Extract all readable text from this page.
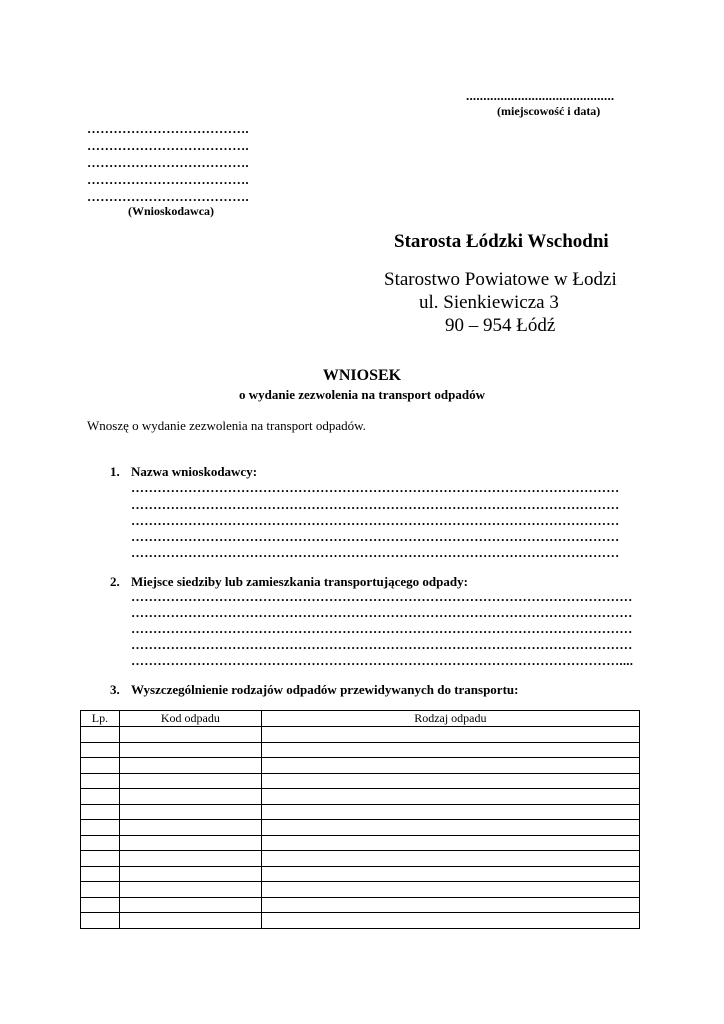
...........................................
(miejscowość i data)
……………………………….
……………………………….
……………………………….
……………………………….
……………………………….
(Wnioskodawca)
Starosta Łódzki Wschodni
Starostwo Powiatowe w Łodzi
ul. Sienkiewicza 3
90 – 954 Łódź
WNIOSEK
o wydanie zezwolenia na transport odpadów
Wnoszę o wydanie zezwolenia na transport odpadów.
1. Nazwa wnioskodawcy:
…………………………………………………………………………………………………
…………………………………………………………………………………………………
…………………………………………………………………………………………………
…………………………………………………………………………………………………
…………………………………………………………………………………………………
2. Miejsce siedziby lub zamieszkania transportującego odpady:
……………………………………………………………………………………………………
……………………………………………………………………………………………………
……………………………………………………………………………………………………
……………………………………………………………………………………………………
…………………………………………………………………………………………………....
3. Wyszczególnienie rodzajów odpadów przewidywanych do transportu:
Lp.	Kod odpadu	Rodzaj odpadu
